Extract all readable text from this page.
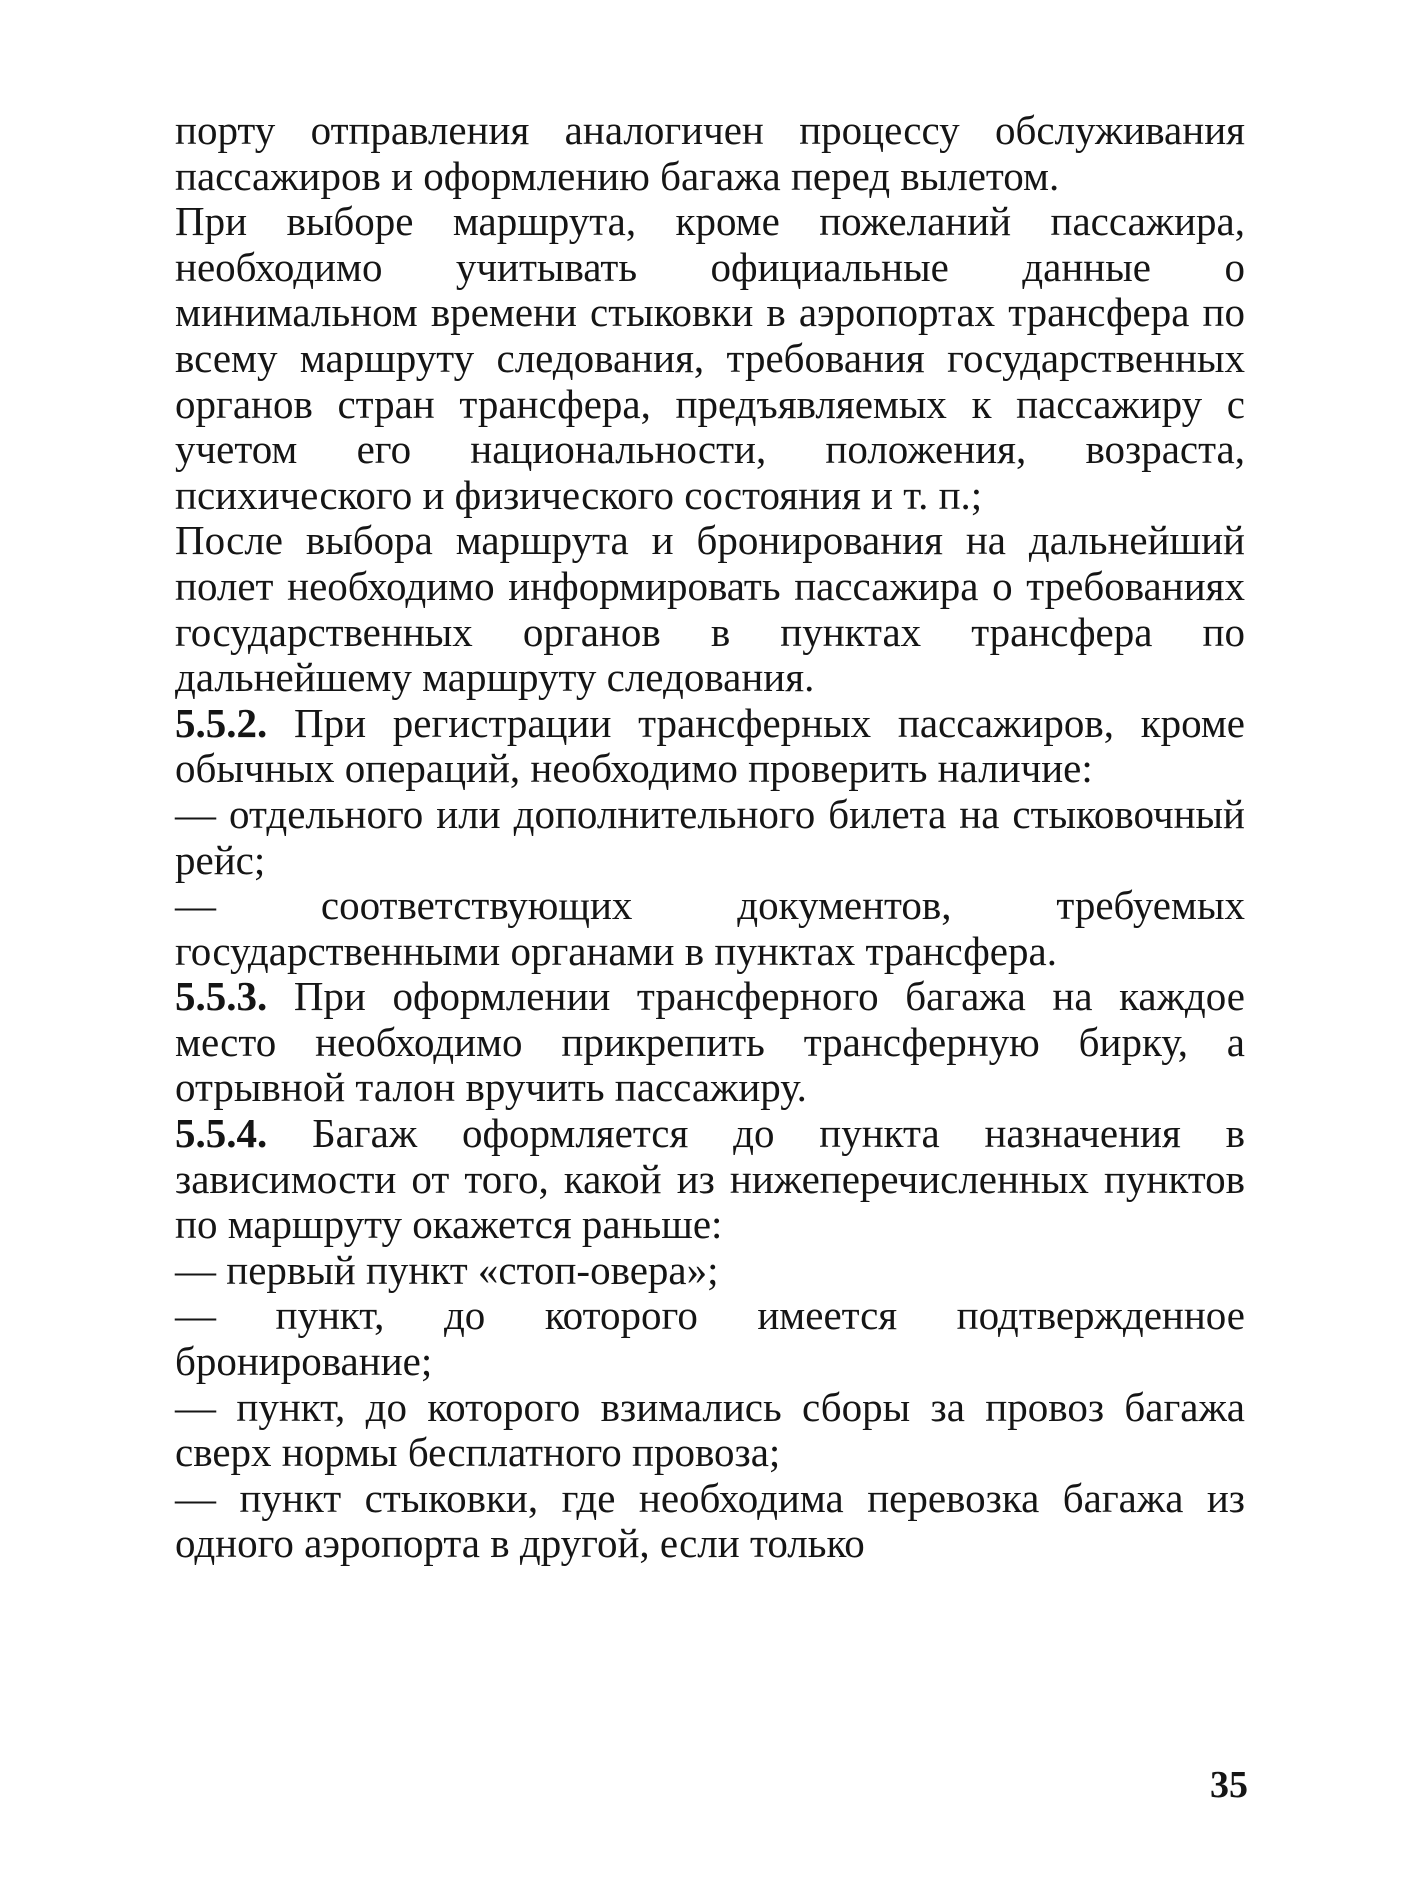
порту отправления аналогичен процессу обслуживания пассажиров и оформлению багажа перед вылетом.

При выборе маршрута, кроме пожеланий пассажира, необходимо учитывать официальные данные о минимальном времени стыковки в аэропортах трансфера по всему маршруту следования, требования государственных органов стран трансфера, предъявляемых к пассажиру с учетом его национальности, положения, возраста, психического и физического состояния и т. п.;

После выбора маршрута и бронирования на дальнейший полет необходимо информировать пассажира о требованиях государственных органов в пунктах трансфера по дальнейшему маршруту следования.

5.5.2. При регистрации трансферных пассажиров, кроме обычных операций, необходимо проверить наличие:

— отдельного или дополнительного билета на стыковочный рейс;

— соответствующих документов, требуемых государственными органами в пунктах трансфера.

5.5.3. При оформлении трансферного багажа на каждое место необходимо прикрепить трансферную бирку, а отрывной талон вручить пассажиру.

5.5.4. Багаж оформляется до пункта назначения в зависимости от того, какой из нижеперечисленных пунктов по маршруту окажется раньше:

— первый пункт «стоп-овера»;

— пункт, до которого имеется подтвержденное бронирование;

— пункт, до которого взимались сборы за провоз багажа сверх нормы бесплатного провоза;

— пункт стыковки, где необходима перевозка багажа из одного аэропорта в другой, если только

35
